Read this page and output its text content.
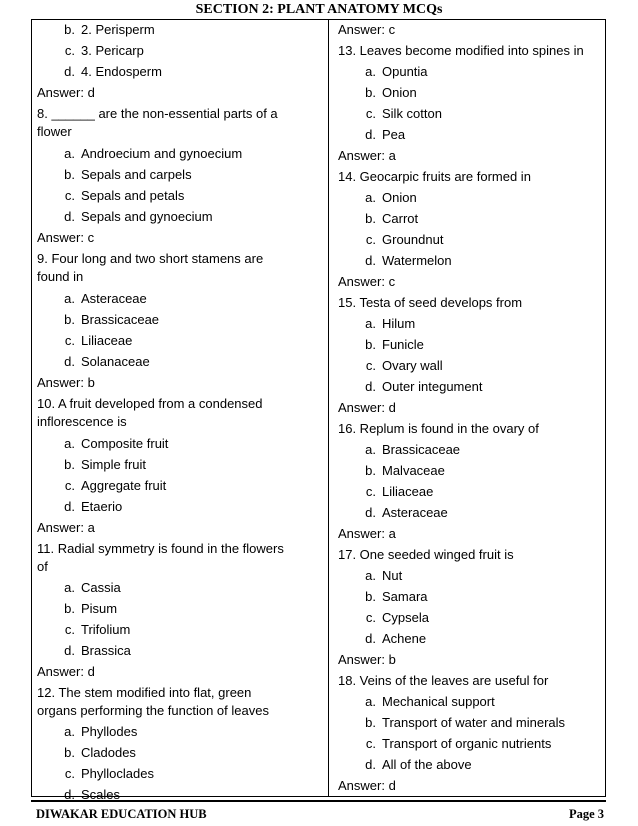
SECTION 2: PLANT ANATOMY MCQs
b. 2. Perisperm
c. 3. Pericarp
d. 4. Endosperm
Answer: d
8. ______ are the non-essential parts of a
flower
a. Androecium and gynoecium
b. Sepals and carpels
c. Sepals and petals
d. Sepals and gynoecium
Answer: c
9. Four long and two short stamens are
found in
a. Asteraceae
b. Brassicaceae
c. Liliaceae
d. Solanaceae
Answer: b
10. A fruit developed from a condensed
inflorescence is
a. Composite fruit
b. Simple fruit
c. Aggregate fruit
d. Etaerio
Answer: a
11. Radial symmetry is found in the flowers
of
a. Cassia
b. Pisum
c. Trifolium
d. Brassica
Answer: d
12. The stem modified into flat, green
organs performing the function of leaves
a. Phyllodes
b. Cladodes
c. Phylloclades
d. Scales
Answer: c
13. Leaves become modified into spines in
a. Opuntia
b. Onion
c. Silk cotton
d. Pea
Answer: a
14. Geocarpic fruits are formed in
a. Onion
b. Carrot
c. Groundnut
d. Watermelon
Answer: c
15. Testa of seed develops from
a. Hilum
b. Funicle
c. Ovary wall
d. Outer integument
Answer: d
16. Replum is found in the ovary of
a. Brassicaceae
b. Malvaceae
c. Liliaceae
d. Asteraceae
Answer: a
17. One seeded winged fruit is
a. Nut
b. Samara
c. Cypsela
d. Achene
Answer: b
18. Veins of the leaves are useful for
a. Mechanical support
b. Transport of water and minerals
c. Transport of organic nutrients
d. All of the above
Answer: d
DIWAKAR EDUCATION HUB	Page 3
